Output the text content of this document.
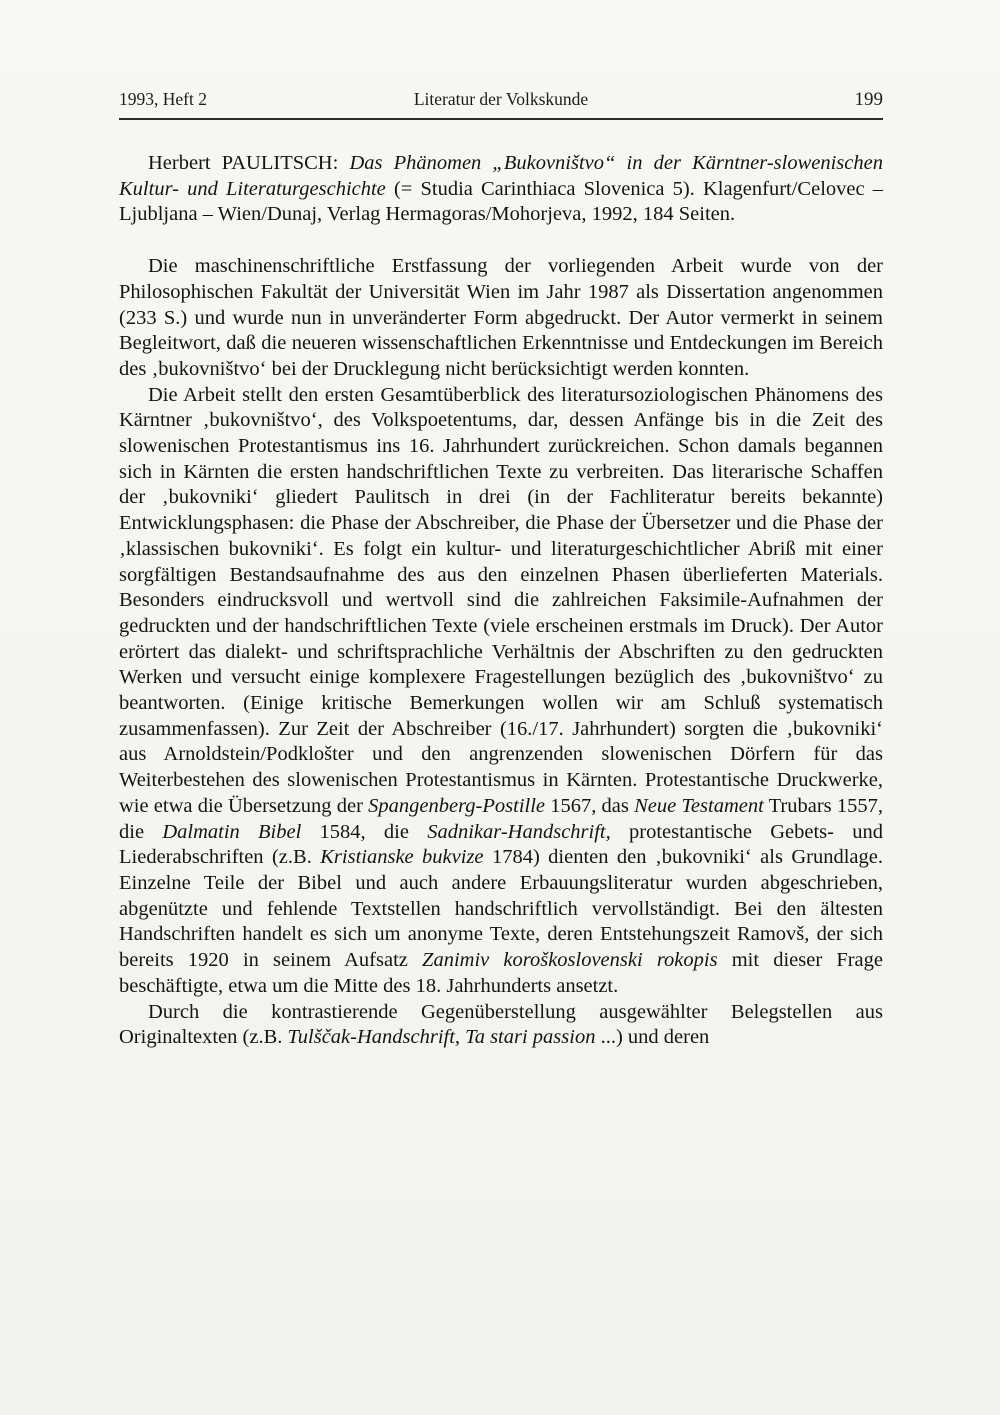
1993, Heft 2	Literatur der Volkskunde	199

Herbert PAULITSCH: Das Phänomen „Bukovništvo“ in der Kärntner-slowenischen Kultur- und Literaturgeschichte (= Studia Carinthiaca Slovenica 5). Klagenfurt/Celovec – Ljubljana – Wien/Dunaj, Verlag Hermagoras/Mohorjeva, 1992, 184 Seiten.

Die maschinenschriftliche Erstfassung der vorliegenden Arbeit wurde von der Philosophischen Fakultät der Universität Wien im Jahr 1987 als Dissertation angenommen (233 S.) und wurde nun in unveränderter Form abgedruckt. Der Autor vermerkt in seinem Begleitwort, daß die neueren wissenschaftlichen Erkenntnisse und Entdeckungen im Bereich des ‚bukovništvo‘ bei der Drucklegung nicht berücksichtigt werden konnten.

Die Arbeit stellt den ersten Gesamtüberblick des literatursoziologischen Phänomens des Kärntner ‚bukovništvo‘, des Volkspoetentums, dar, dessen Anfänge bis in die Zeit des slowenischen Protestantismus ins 16. Jahrhundert zurückreichen. Schon damals begannen sich in Kärnten die ersten handschriftlichen Texte zu verbreiten. Das literarische Schaffen der ‚bukovniki‘ gliedert Paulitsch in drei (in der Fachliteratur bereits bekannte) Entwicklungsphasen: die Phase der Abschreiber, die Phase der Übersetzer und die Phase der ‚klassischen bukovniki‘. Es folgt ein kultur- und literaturgeschichtlicher Abriß mit einer sorgfältigen Bestandsaufnahme des aus den einzelnen Phasen überlieferten Materials. Besonders eindrucksvoll und wertvoll sind die zahlreichen Faksimile-Aufnahmen der gedruckten und der handschriftlichen Texte (viele erscheinen erstmals im Druck). Der Autor erörtert das dialekt- und schriftsprachliche Verhältnis der Abschriften zu den gedruckten Werken und versucht einige komplexere Fragestellungen bezüglich des ‚bukovništvo‘ zu beantworten. (Einige kritische Bemerkungen wollen wir am Schluß systematisch zusammenfassen). Zur Zeit der Abschreiber (16./17. Jahrhundert) sorgten die ‚bukovniki‘ aus Arnoldstein/Podklošter und den angrenzenden slowenischen Dörfern für das Weiterbestehen des slowenischen Protestantismus in Kärnten. Protestantische Druckwerke, wie etwa die Übersetzung der Spangenberg-Postille 1567, das Neue Testament Trubars 1557, die Dalmatin Bibel 1584, die Sadnikar-Handschrift, protestantische Gebets- und Liederabschriften (z.B. Kristianske bukvize 1784) dienten den ‚bukovniki‘ als Grundlage. Einzelne Teile der Bibel und auch andere Erbauungsliteratur wurden abgeschrieben, abgenützte und fehlende Textstellen handschriftlich vervollständigt. Bei den ältesten Handschriften handelt es sich um anonyme Texte, deren Entstehungszeit Ramovš, der sich bereits 1920 in seinem Aufsatz Zanimiv koroškoslovenski rokopis mit dieser Frage beschäftigte, etwa um die Mitte des 18. Jahrhunderts ansetzt.

Durch die kontrastierende Gegenüberstellung ausgewählter Belegstellen aus Originaltexten (z.B. Tulščak-Handschrift, Ta stari passion ...) und deren
